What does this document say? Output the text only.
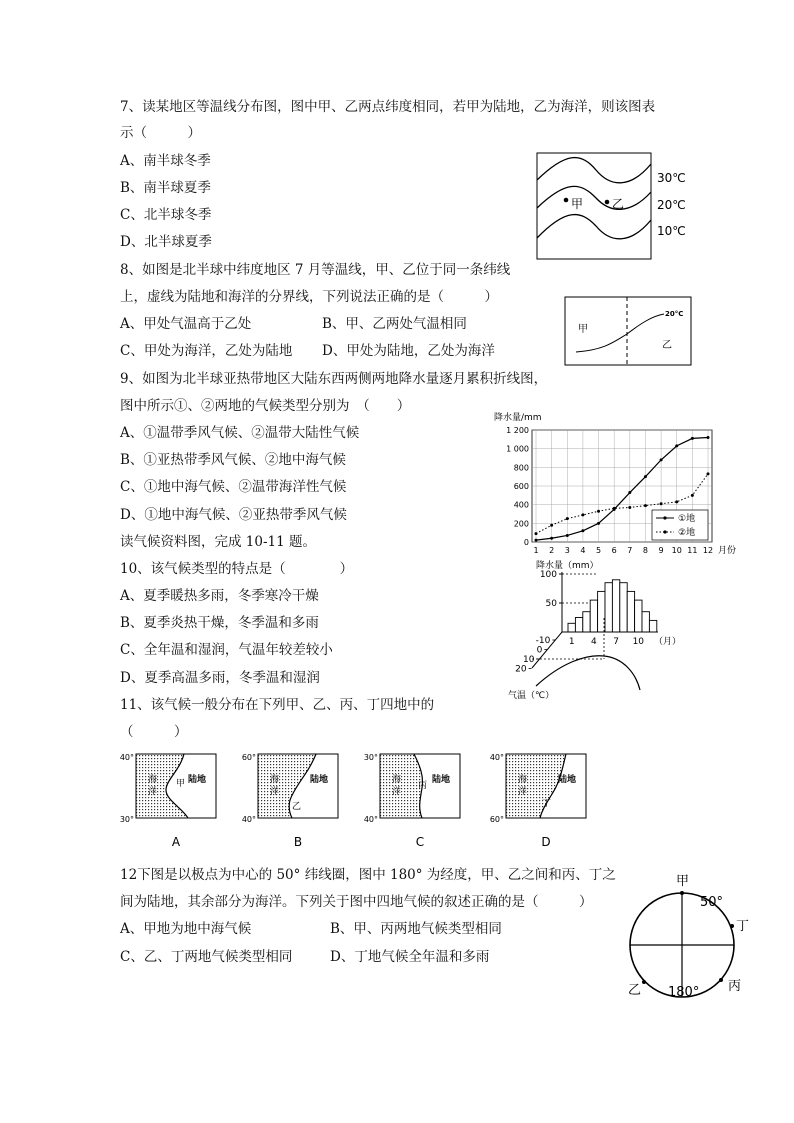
7、读某地区等温线分布图，图中甲、乙两点纬度相同，若甲为陆地，乙为海洋，则该图表
示（　　　）
A、南半球冬季
B、南半球夏季
C、北半球冬季
D、北半球夏季
甲 乙
30℃
20℃
10℃
8、如图是北半球中纬度地区 7 月等温线，甲、乙位于同一条纬线
上，虚线为陆地和海洋的分界线，下列说法正确的是（　　　）
A、甲处气温高于乙处	B、甲、乙两处气温相同
C、甲处为海洋，乙处为陆地 D、甲处为陆地，乙处为海洋
20°C
甲
乙
9、如图为北半球亚热带地区大陆东西两侧两地降水量逐月累积折线图，
图中所示①、②两地的气候类型分别为　（　　）
A、①温带季风气候、②温带大陆性气候
B、①亚热带季风气候、②地中海气候
C、①地中海气候、②温带海洋性气候
D、①地中海气候、②亚热带季风气候
读气候资料图，完成 10-11 题。
降水量/mm
0
200
400
600
800
1 000
1 200
1 2 3 4 5 6 7 8 9 10 11 12 月份
①地
②地
10、该气候类型的特点是（　　　　）
A、夏季暖热多雨，冬季寒冷干燥
B、夏季炎热干燥，冬季温和多雨
C、全年温和湿润，气温年较差较小
D、夏季高温多雨，冬季温和湿润
降水量（mm）
100
50
1 4 7 10 （月）
-10
0
10
20
气温（℃）
11、该气候一般分布在下列甲、乙、丙、丁四地中的
（　　　）
40°
30°
海
洋
陆地
甲
A
60°
40°
海
洋
陆地
乙
B
30°
40°
海
洋
陆地
丙
C
40°
60°
海
洋
陆地
丁
D
12下图是以极点为中心的 50° 纬线圈，图中 180° 为经度，甲、乙之间和丙、丁之
间为陆地，其余部分为海洋。下列关于图中四地气候的叙述正确的是（　　　）
A、甲地为地中海气候	B、甲、丙两地气候类型相同
C、乙、丁两地气候类型相同	D、丁地气候全年温和多雨
甲
50°
丁
乙	丙
180°
